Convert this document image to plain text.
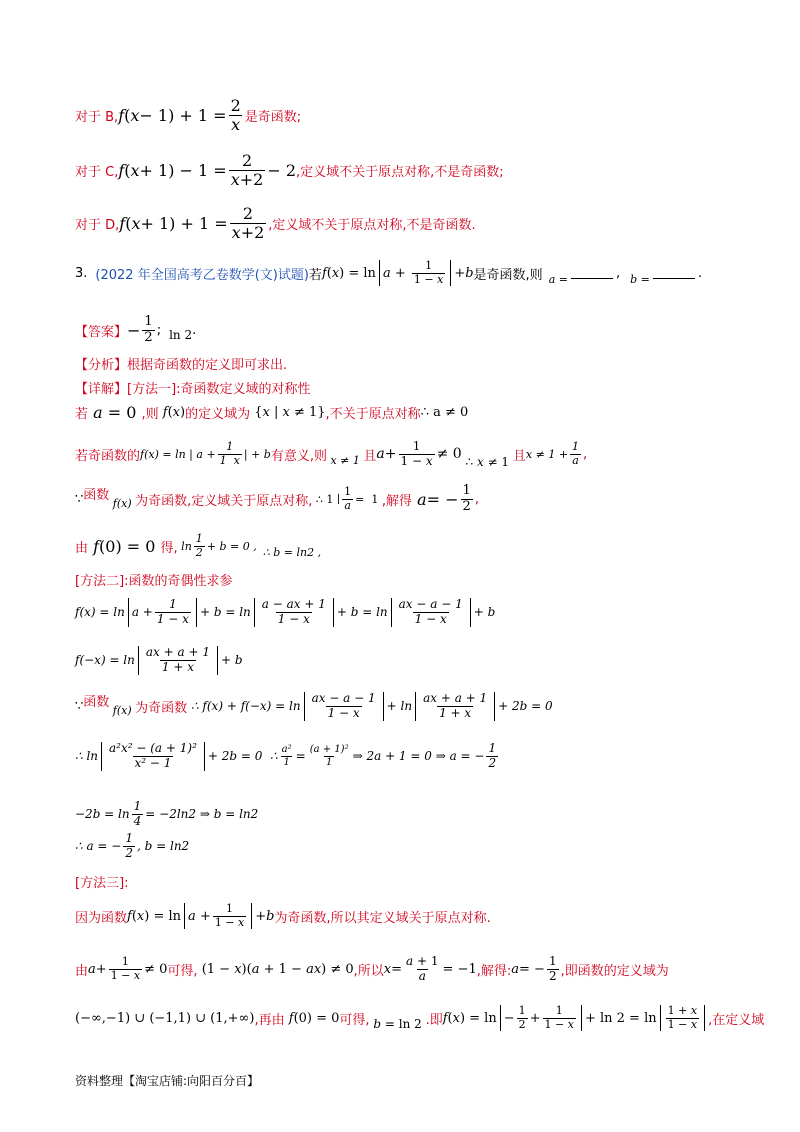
对于 B, f ( $x - 1) + 1 = \frac{2}{x}$ 是奇函数;
对于 C, f ( $x + 1) - 1 = \frac{2}{x+2} - 2$ ,定义域不关于原点对称,不是奇函数;
对于 D, f ( $x + 1) + 1 = \frac{2}{x+2}$ ,定义域不关于原点对称,不是奇函数.
3. (2022 年全国高考乙卷数学(文)试题) 若 f ( x ) = $\ln a + \frac{1}{1 - x} + b$ 是奇函数,则 a =	, b =	.
【答案】 − $\frac{1}{2}$ ; ln 2 .
【分析】 根据奇函数的定义即可求出.
【详解】 [方法一]:奇函数定义域的对称性
若 a = 0 ,则 f (x) 的定义域为 {x | x ≠ 1} ,不关于原点对称 ∴ a ≠ 0
若奇函数的 f(x) = ln | $a + \frac{1}{1 x}$ | + b 有意义,则 x ≠ 1 且 $a + \frac{1}{1 - x} \ne 0$ ∴ x ≠ 1 且 $x \ne 1 + \frac{1}{a}$ ,
∵ 函数
f(x) 为奇函数,定义域关于原点对称, ∴ 1 ∣ $\frac{1}{a} = 1$ ,解得
a = − $\frac{1}{2}$ ,
由 f(0) = 0 得, $\ln \frac{1}{2} + b = 0$ , ∴ b = ln2 ,
[方法二]:函数的奇偶性求参
$f(x) = \ln a + \frac{1}{1 - x} + b = \ln \frac{a - ax + 1}{1 - x} + b = \ln \frac{ax - a - 1}{1 - x} + b$
$f(-x) = \ln \frac{ax + a + 1}{1 + x} + b$
∵ 函数
f(x) 为奇函数 ∴ $f(x) + f(-x) = \ln \frac{ax - a - 1}{1 - x} + \ln \frac{ax + a + 1}{1 + x} + 2b = 0$
∴ $\ln \frac{\text{a²x² − (a + 1)²}}{\text{x² − 1}} + 2b = 0$  ∴ $\frac{\text{a²}}{1} = \frac{\text{(a + 1)²}}{1}$ ⇒ 2a + 1 = 0 ⇒ a = − $\frac{1}{2}$
$-2b = \ln \frac{1}{4} = -2\ln 2$ ⇒ b = ln2
∴ a = − $\frac{1}{2}$ , b = ln2
[方法三]:
因为函数 f ( x ) = $\ln a + \frac{1}{1 - x} + b$ 为奇函数,所以其定义域关于原点对称.
由 $a + \frac{1}{1 - x} \ne 0$ 可得, (1 − x)(a + 1 − ax) ≠ 0 ,所以 $x = \frac{a + 1}{a} = -1$ ,解得: a = − $\frac{1}{2}$ ,即函数的定义域为
(−∞,−1) ∪ (−1,1) ∪ (1,+∞) ,再由 f(0) = 0 可得, b = ln 2 .即 f ( x ) = $\ln - \frac{1}{2} + \frac{1}{1 - x} + \ln 2 = \ln \frac{1 + x}{1 - x}$ ,在定义域
资料整理【淘宝店铺:向阳百分百】
